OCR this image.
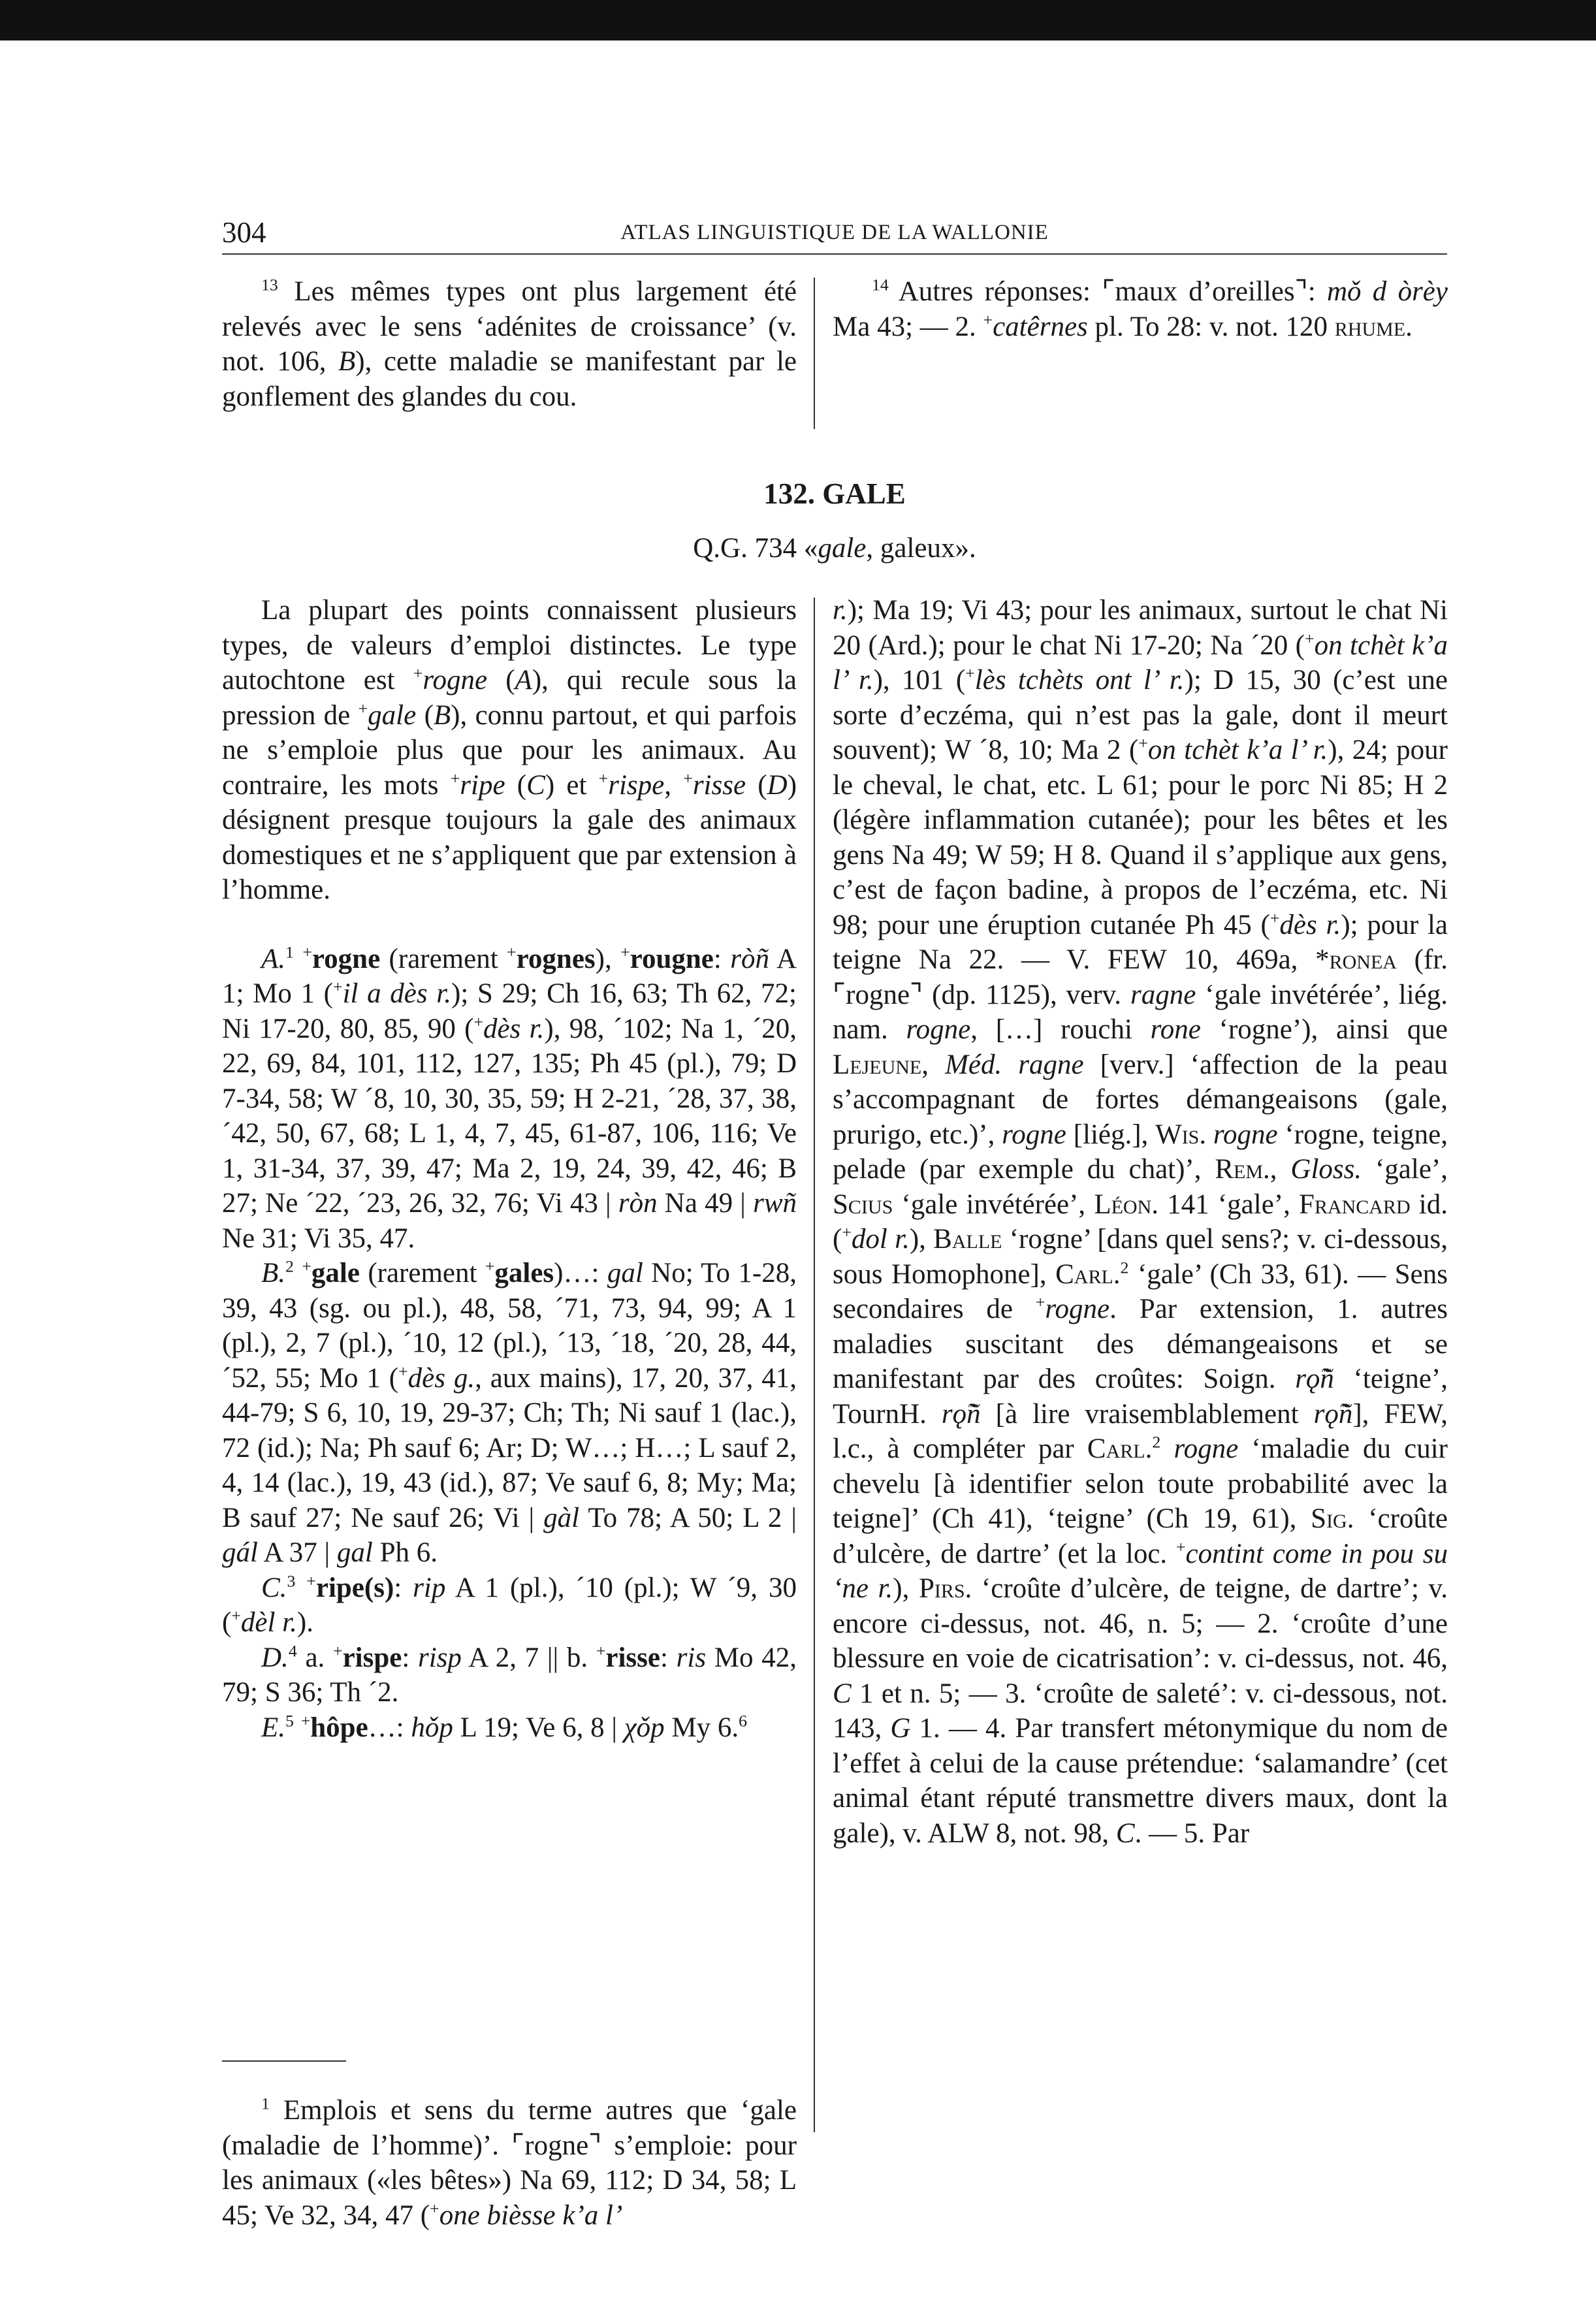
304	ATLAS LINGUISTIQUE DE LA WALLONIE

$^{13}$ Les mêmes types ont plus largement été relevés avec le sens ‘adénites de croissance’ (v. not. 106, B), cette maladie se manifestant par le gonflement des glandes du cou.

$^{14}$ Autres réponses: ⌜maux d’oreilles⌝: mǒ d òrèy Ma 43; — 2. +catêrnes pl. To 28: v. not. 120 rhume.

132. GALE
Q.G. 734 «gale, galeux».

La plupart des points connaissent plusieurs types, de valeurs d’emploi distinctes. Le type autochtone est +rogne (A), qui recule sous la pression de +gale (B), connu partout, et qui parfois ne s’emploie plus que pour les animaux. Au contraire, les mots +ripe (C) et +rispe, +risse (D) désignent presque toujours la gale des animaux domestiques et ne s’appliquent que par extension à l’homme.

A.$^1$ +rogne (rarement +rognes), +rougne: ròñ A 1; Mo 1 (+il a dès r.); S 29; Ch 16, 63; Th 62, 72; Ni 17-20, 80, 85, 90 (+dès r.), 98, ´102; Na 1, ´20, 22, 69, 84, 101, 112, 127, 135; Ph 45 (pl.), 79; D 7-34, 58; W ´8, 10, 30, 35, 59; H 2-21, ´28, 37, 38, ´42, 50, 67, 68; L 1, 4, 7, 45, 61-87, 106, 116; Ve 1, 31-34, 37, 39, 47; Ma 2, 19, 24, 39, 42, 46; B 27; Ne ´22, ´23, 26, 32, 76; Vi 43 | ròn Na 49 | rwñ Ne 31; Vi 35, 47.

B.$^2$ +gale (rarement +gales)…: gal No; To 1-28, 39, 43 (sg. ou pl.), 48, 58, ´71, 73, 94, 99; A 1 (pl.), 2, 7 (pl.), ´10, 12 (pl.), ´13, ´18, ´20, 28, 44, ´52, 55; Mo 1 (+dès g., aux mains), 17, 20, 37, 41, 44-79; S 6, 10, 19, 29-37; Ch; Th; Ni sauf 1 (lac.), 72 (id.); Na; Ph sauf 6; Ar; D; W…; H…; L sauf 2, 4, 14 (lac.), 19, 43 (id.), 87; Ve sauf 6, 8; My; Ma; B sauf 27; Ne sauf 26; Vi | gàl To 78; A 50; L 2 | gál A 37 | gal Ph 6.

C.$^3$ +ripe(s): rip A 1 (pl.), ´10 (pl.); W ´9, 30 (+dèl r.).

D.$^4$ a. +rispe: risp A 2, 7 || b. +risse: ris Mo 42, 79; S 36; Th ´2.

E.$^5$ +hôpe…: hǒp L 19; Ve 6, 8 | χǒp My 6.$^6$

$^1$ Emplois et sens du terme autres que ‘gale (maladie de l’homme)’. ⌜rogne⌝ s’emploie: pour les animaux («les bêtes») Na 69, 112; D 34, 58; L 45; Ve 32, 34, 47 (+one bièsse k’a l’

r.); Ma 19; Vi 43; pour les animaux, surtout le chat Ni 20 (Ard.); pour le chat Ni 17-20; Na ´20 (+on tchèt k’a l’ r.), 101 (+lès tchèts ont l’ r.); D 15, 30 (c’est une sorte d’eczéma, qui n’est pas la gale, dont il meurt souvent); W ´8, 10; Ma 2 (+on tchèt k’a l’ r.), 24; pour le cheval, le chat, etc. L 61; pour le porc Ni 85; H 2 (légère inflammation cutanée); pour les bêtes et les gens Na 49; W 59; H 8. Quand il s’applique aux gens, c’est de façon badine, à propos de l’eczéma, etc. Ni 98; pour une éruption cutanée Ph 45 (+dès r.); pour la teigne Na 22. — V. FEW 10, 469a, *ronea (fr. ⌜rogne⌝ (dp. 1125), verv. ragne ‘gale invétérée’, liég. nam. rogne, […] rouchi rone ‘rogne’), ainsi que Lejeune, Méd. ragne [verv.] ‘affection de la peau s’accompagnant de fortes démangeaisons (gale, prurigo, etc.)’, rogne [liég.], Wis. rogne ‘rogne, teigne, pelade (par exemple du chat)’, Rem., Gloss. ‘gale’, Scius ‘gale invétérée’, Léon. 141 ‘gale’, Francard id. (+dol r.), Balle ‘rogne’ [dans quel sens?; v. ci-dessous, sous Homophone], Carl.$^2$ ‘gale’ (Ch 33, 61). — Sens secondaires de +rogne. Par extension, 1. autres maladies suscitant des démangeaisons et se manifestant par des croûtes: Soign. rǫ̃ñ ‘teigne’, TournH. rǫ̃ñ [à lire vraisemblablement rǫ̃ñ], FEW, l.c., à compléter par Carl.$^2$ rogne ‘maladie du cuir chevelu [à identifier selon toute probabilité avec la teigne]’ (Ch 41), ‘teigne’ (Ch 19, 61), Sig. ‘croûte d’ulcère, de dartre’ (et la loc. +contint come in pou su ‘ne r.), Pirs. ‘croûte d’ulcère, de teigne, de dartre’; v. encore ci-dessus, not. 46, n. 5; — 2. ‘croûte d’une blessure en voie de cicatrisation’: v. ci-dessus, not. 46, C 1 et n. 5; — 3. ‘croûte de saleté’: v. ci-dessous, not. 143, G 1. — 4. Par transfert métonymique du nom de l’effet à celui de la cause prétendue: ‘salamandre’ (cet animal étant réputé transmettre divers maux, dont la gale), v. ALW 8, not. 98, C. — 5. Par
